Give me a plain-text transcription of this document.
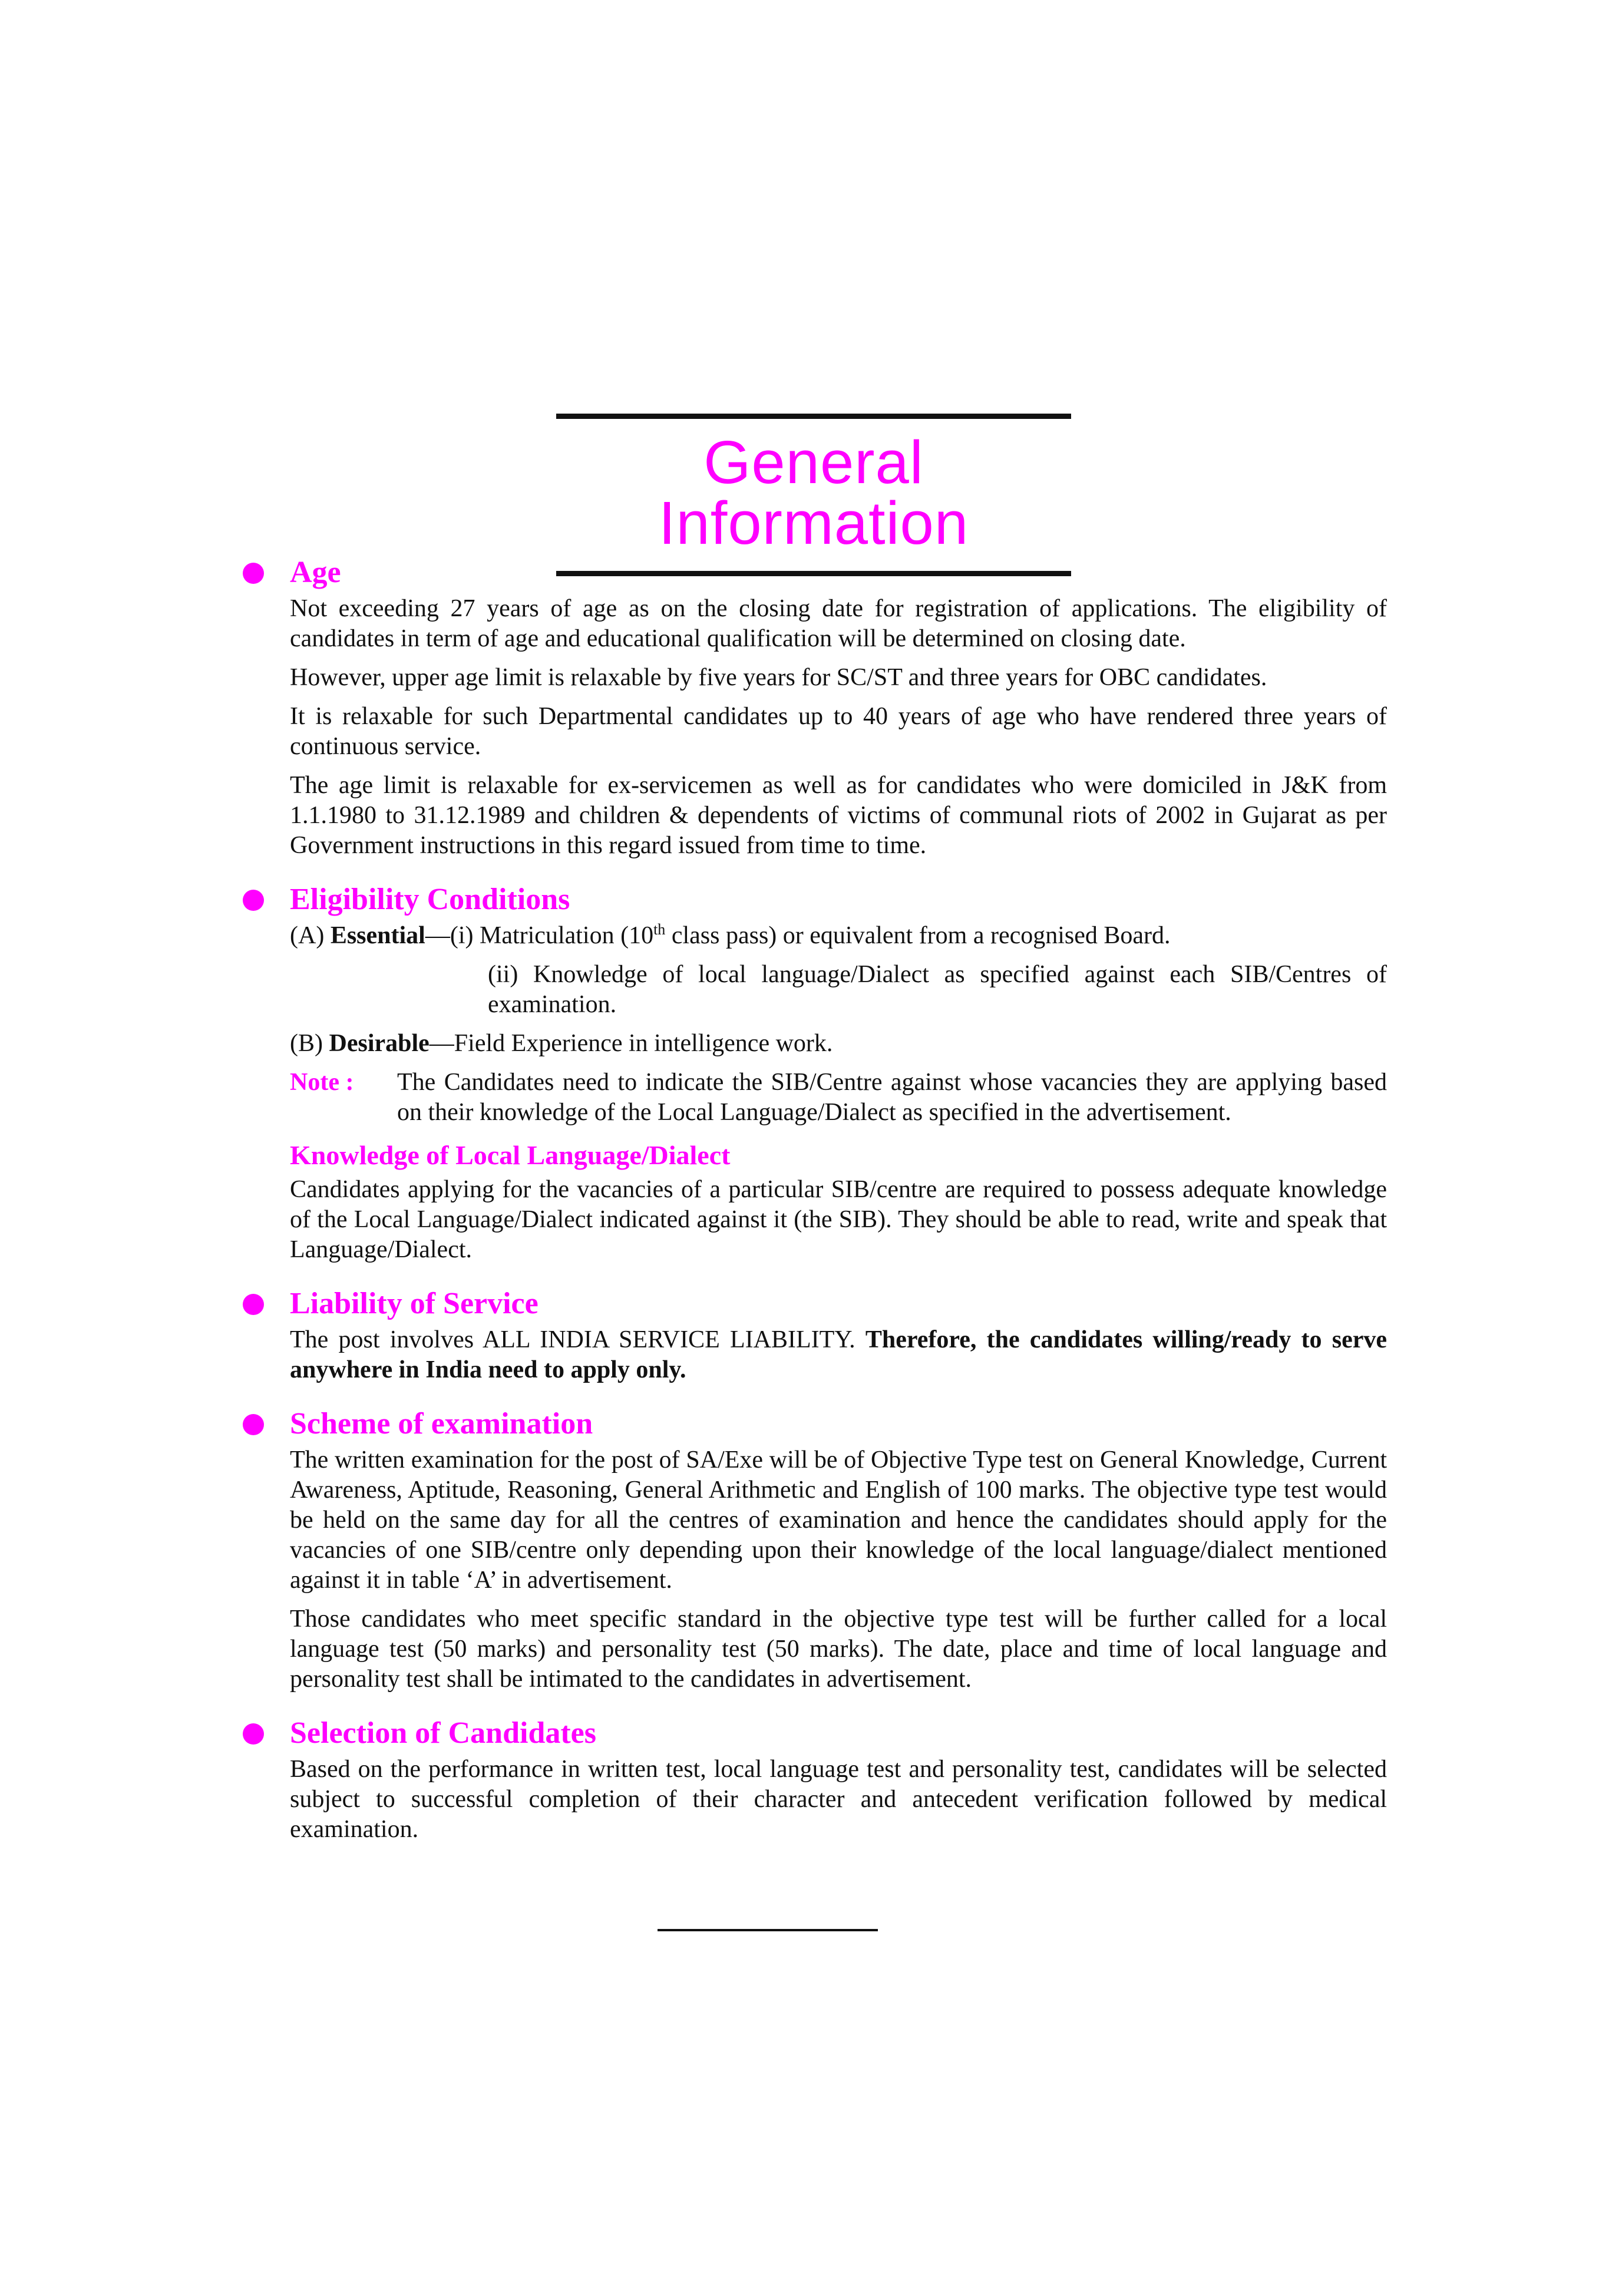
General Information
Age

Not exceeding 27 years of age as on the closing date for registration of applications. The eligibility of candidates in term of age and educational qualification will be determined on closing date.

However, upper age limit is relaxable by five years for SC/ST and three years for OBC candidates.

It is relaxable for such Departmental candidates up to 40 years of age who have rendered three years of continuous service.

The age limit is relaxable for ex-servicemen as well as for candidates who were domiciled in J&K from 1.1.1980 to 31.12.1989 and children & dependents of victims of communal riots of 2002 in Gujarat as per Government instructions in this regard issued from time to time.

Eligibility Conditions

(A) Essential—(i) Matriculation (10th class pass) or equivalent from a recognised Board.

(ii) Knowledge of local language/Dialect as specified against each SIB/Centres of examination.

(B) Desirable—Field Experience in intelligence work.

Note :	The Candidates need to indicate the SIB/Centre against whose vacancies they are applying based on their knowledge of the Local Language/Dialect as specified in the advertisement.
Knowledge of Local Language/Dialect

Candidates applying for the vacancies of a particular SIB/centre are required to possess adequate knowledge of the Local Language/Dialect indicated against it (the SIB). They should be able to read, write and speak that Language/Dialect.

Liability of Service

The post involves ALL INDIA SERVICE LIABILITY. Therefore, the candidates willing/ready to serve anywhere in India need to apply only.

Scheme of examination

The written examination for the post of SA/Exe will be of Objective Type test on General Knowledge, Current Awareness, Aptitude, Reasoning, General Arithmetic and English of 100 marks. The objective type test would be held on the same day for all the centres of examination and hence the candidates should apply for the vacancies of one SIB/centre only depending upon their knowledge of the local language/dialect mentioned against it in table ‘A’ in advertisement.

Those candidates who meet specific standard in the objective type test will be further called for a local language test (50 marks) and personality test (50 marks). The date, place and time of local language and personality test shall be intimated to the candidates in advertisement.

Selection of Candidates

Based on the performance in written test, local language test and personality test, candidates will be selected subject to successful completion of their character and antecedent verification followed by medical examination.
